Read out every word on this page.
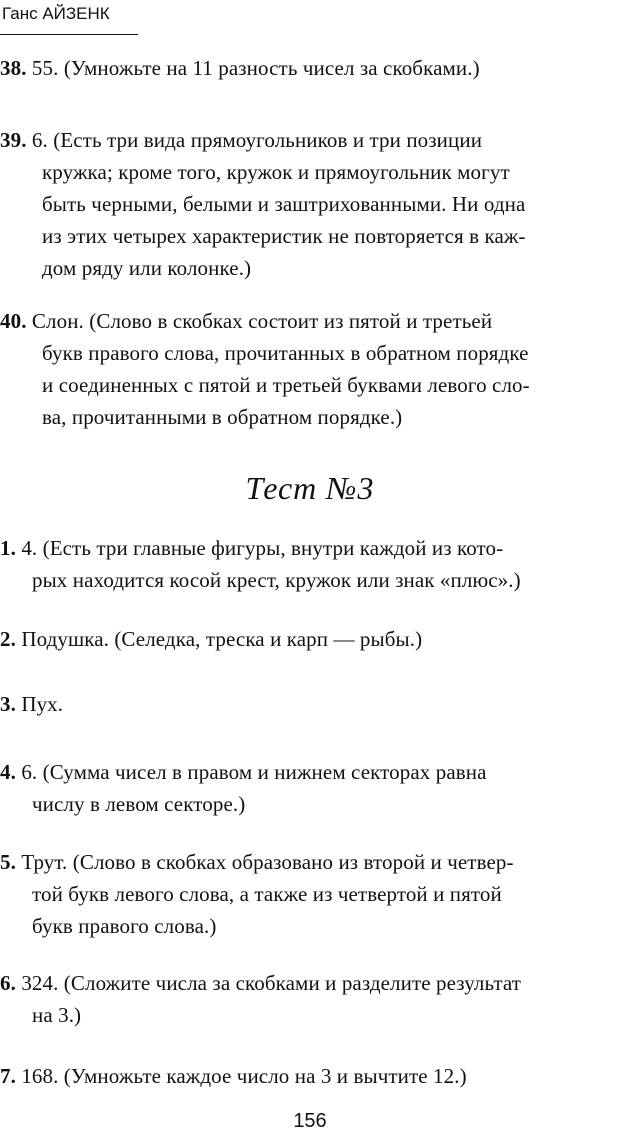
Ганс АЙЗЕНК
38. 55. (Умножьте на 11 разность чисел за скобками.)
39. 6. (Есть три вида прямоугольников и три позиции
кружка; кроме того, кружок и прямоугольник могут
быть черными, белыми и заштрихованными. Ни одна
из этих четырех характеристик не повторяется в каж-
дом ряду или колонке.)
40. Слон. (Слово в скобках состоит из пятой и третьей
букв правого слова, прочитанных в обратном порядке
и соединенных с пятой и третьей буквами левого сло-
ва, прочитанными в обратном порядке.)
Тест №3
1. 4. (Есть три главные фигуры, внутри каждой из кото-
рых находится косой крест, кружок или знак «плюс».)
2. Подушка. (Селедка, треска и карп — рыбы.)
3. Пух.
4. 6. (Сумма чисел в правом и нижнем секторах равна
числу в левом секторе.)
5. Трут. (Слово в скобках образовано из второй и четвер-
той букв левого слова, а также из четвертой и пятой
букв правого слова.)
6. 324. (Сложите числа за скобками и разделите результат
на 3.)
7. 168. (Умножьте каждое число на 3 и вычтите 12.)
156
